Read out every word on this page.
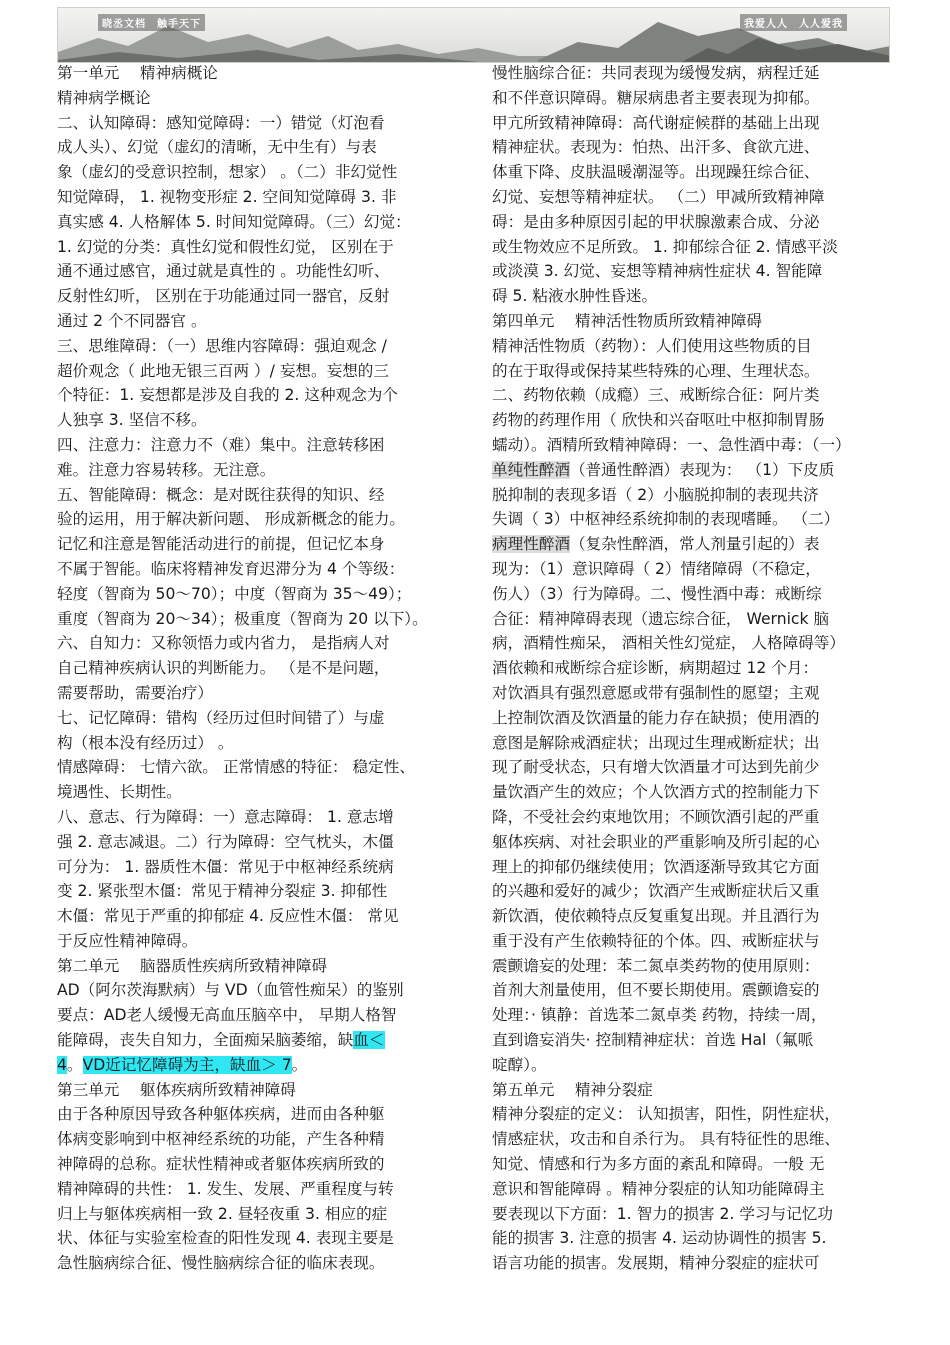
晓丞文档　触手天下	我爱人人　人人爱我
第一单元　 精神病概论
精神病学概论
二、认知障碍：感知觉障碍：一）错觉（灯泡看
成人头）、幻觉（虚幻的清晰，无中生有）与表
象（虚幻的受意识控制，想家） 。（二）非幻觉性
知觉障碍， 1. 视物变形症 2. 空间知觉障碍 3. 非
真实感 4. 人格解体 5. 时间知觉障碍。（三）幻觉：
1. 幻觉的分类：真性幻觉和假性幻觉， 区别在于
通不通过感官，通过就是真性的 。功能性幻听、
反射性幻听， 区别在于功能通过同一器官，反射
通过 2 个不同器官 。
三、思维障碍：（一）思维内容障碍：强迫观念 /
超价观念（ 此地无银三百两 ）/ 妄想。妄想的三
个特征：1. 妄想都是涉及自我的 2. 这种观念为个
人独享 3. 坚信不移。
四、注意力：注意力不（难）集中。注意转移困
难。注意力容易转移。无注意。
五、智能障碍：概念：是对既往获得的知识、经
验的运用，用于解决新问题、 形成新概念的能力。
记忆和注意是智能活动进行的前提，但记忆本身
不属于智能。临床将精神发育迟滞分为 4 个等级：
轻度（智商为 50～70）；中度（智商为 35～49）；
重度（智商为 20～34）；极重度（智商为 20 以下）。
六、自知力：又称领悟力或内省力， 是指病人对
自己精神疾病认识的判断能力。 （是不是问题，
需要帮助，需要治疗）
七、记忆障碍：错构（经历过但时间错了）与虚
构（根本没有经历过） 。
情感障碍： 七情六欲。 正常情感的特征： 稳定性、
境遇性、长期性。
八、意志、行为障碍：一）意志障碍： 1. 意志增
强 2. 意志减退。二）行为障碍：空气枕头，木僵
可分为： 1. 器质性木僵：常见于中枢神经系统病
变 2. 紧张型木僵：常见于精神分裂症 3. 抑郁性
木僵：常见于严重的抑郁症 4. 反应性木僵： 常见
于反应性精神障碍。
第二单元　 脑器质性疾病所致精神障碍
AD（阿尔茨海默病）与 VD（血管性痴呆）的鉴别
要点：AD老人缓慢无高血压脑卒中， 早期人格智
能障碍，丧失自知力，全面痴呆脑萎缩，缺血＜
4。VD近记忆障碍为主，缺血＞ 7。
第三单元　 躯体疾病所致精神障碍
由于各种原因导致各种躯体疾病，进而由各种躯
体病变影响到中枢神经系统的功能，产生各种精
神障碍的总称。症状性精神或者躯体疾病所致的
精神障碍的共性： 1. 发生、发展、严重程度与转
归上与躯体疾病相一致 2. 昼轻夜重 3. 相应的症
状、体征与实验室检查的阳性发现 4. 表现主要是
急性脑病综合征、慢性脑病综合征的临床表现。
慢性脑综合征：共同表现为缓慢发病，病程迁延
和不伴意识障碍。糖尿病患者主要表现为抑郁。
甲亢所致精神障碍：高代谢症候群的基础上出现
精神症状。表现为：怕热、出汗多、食欲亢进、
体重下降、皮肤温暖潮湿等。出现躁狂综合征、
幻觉、妄想等精神症状。 （二）甲减所致精神障
碍：是由多种原因引起的甲状腺激素合成、分泌
或生物效应不足所致。 1. 抑郁综合征 2. 情感平淡
或淡漠 3. 幻觉、妄想等精神病性症状 4. 智能障
碍 5. 粘液水肿性昏迷。
第四单元　 精神活性物质所致精神障碍
精神活性物质（药物）：人们使用这些物质的目
的在于取得或保持某些特殊的心理、生理状态。
二、药物依赖（成瘾）三、戒断综合征：阿片类
药物的药理作用（ 欣快和兴奋呕吐中枢抑制胃肠
蠕动）。酒精所致精神障碍：一、急性酒中毒：（一）
单纯性醉酒（普通性醉酒）表现为： （1）下皮质
脱抑制的表现多语（ 2）小脑脱抑制的表现共济
失调（ 3）中枢神经系统抑制的表现嗜睡。 （二）
病理性醉酒（复杂性醉酒，常人剂量引起的）表
现为：（1）意识障碍（ 2）情绪障碍（不稳定，
伤人）（3）行为障碍。二、慢性酒中毒：戒断综
合征：精神障碍表现（遗忘综合征， Wernick 脑
病，酒精性痴呆， 酒相关性幻觉症， 人格障碍等）
酒依赖和戒断综合症诊断，病期超过 12 个月：
对饮酒具有强烈意愿或带有强制性的愿望；主观
上控制饮酒及饮酒量的能力存在缺损；使用酒的
意图是解除戒酒症状；出现过生理戒断症状；出
现了耐受状态，只有增大饮酒量才可达到先前少
量饮酒产生的效应；个人饮酒方式的控制能力下
降，不受社会约束地饮用；不顾饮酒引起的严重
躯体疾病、对社会职业的严重影响及所引起的心
理上的抑郁仍继续使用；饮酒逐渐导致其它方面
的兴趣和爱好的减少；饮酒产生戒断症状后又重
新饮酒，使依赖特点反复重复出现。并且酒行为
重于没有产生依赖特征的个体。四、戒断症状与
震颤谵妄的处理：苯二氮卓类药物的使用原则：
首剂大剂量使用，但不要长期使用。震颤谵妄的
处理：· 镇静：首选苯二氮卓类 药物，持续一周，
直到谵妄消失· 控制精神症状：首选 Hal（氟哌
啶醇）。
第五单元　 精神分裂症
精神分裂症的定义： 认知损害，阳性，阴性症状，
情感症状，攻击和自杀行为。 具有特征性的思维、
知觉、情感和行为多方面的紊乱和障碍。一般 无
意识和智能障碍 。精神分裂症的认知功能障碍主
要表现以下方面：1. 智力的损害 2. 学习与记忆功
能的损害 3. 注意的损害 4. 运动协调性的损害 5.
语言功能的损害。发展期，精神分裂症的症状可
